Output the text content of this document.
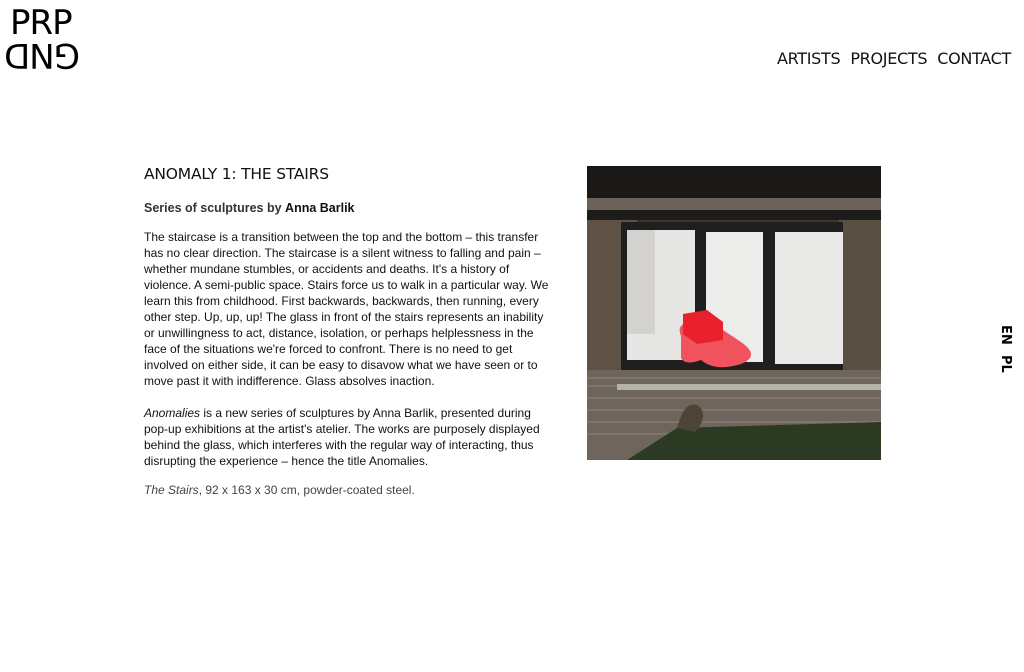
PRP
GND	ARTISTS PROJECTS CONTACT
EN
PL
ANOMALY 1: THE STAIRS

Series of sculptures by Anna Barlik

The staircase is a transition between the top and the bottom – this transfer has no clear direction. The staircase is a silent witness to falling and pain – whether mundane stumbles, or accidents and deaths. It's a history of violence. A semi-public space. Stairs force us to walk in a particular way. We learn this from childhood. First backwards, backwards, then running, every other step. Up, up, up! The glass in front of the stairs represents an inability or unwillingness to act, distance, isolation, or perhaps helplessness in the face of the situations we're forced to confront. There is no need to get involved on either side, it can be easy to disavow what we have seen or to move past it with indifference. Glass absolves inaction.

Anomalies is a new series of sculptures by Anna Barlik, presented during pop-up exhibitions at the artist's atelier. The works are purposely displayed behind the glass, which interferes with the regular way of interacting, thus disrupting the experience – hence the title Anomalies.

The Stairs, 92 x 163 x 30 cm, powder-coated steel.
